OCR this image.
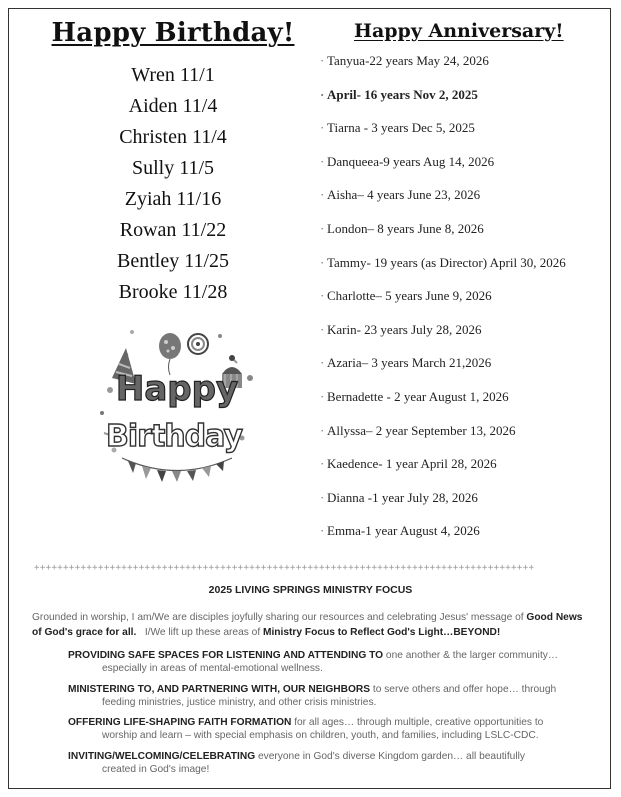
Happy Birthday!
Wren 11/1
Aiden 11/4
Christen 11/4
Sully 11/5
Zyiah 11/16
Rowan 11/22
Bentley 11/25
Brooke 11/28
Happy
Birthday
Happy Anniversary!
· Tanyua-22 years May 24, 2026
· April- 16 years Nov 2, 2025
· Tiarna - 3 years Dec 5, 2025
· Danqueea-9 years Aug 14, 2026
· Aisha– 4 years June 23, 2026
· London– 8 years June 8, 2026
· Tammy- 19 years (as Director) April 30, 2026
· Charlotte– 5 years June 9, 2026
· Karin- 23 years July 28, 2026
· Azaria– 3 years March 21,2026
· Bernadette - 2 year August 1, 2026
· Allyssa– 2 year September 13, 2026
· Kaedence- 1 year April 28, 2026
· Dianna -1 year July 28, 2026
· Emma-1 year August 4, 2026
++++++++++++++++++++++++++++++++++++++++++++++++++++++++++++++++++++++++++++++++++++++
2025 LIVING SPRINGS MINISTRY FOCUS
Grounded in worship, I am/We are disciples joyfully sharing our resources and celebrating Jesus' message of Good News of God's grace for all.   I/We lift up these areas of Ministry Focus to Reflect God's Light…BEYOND!
PROVIDING SAFE SPACES FOR LISTENING AND ATTENDING TO one another & the larger community…
especially in areas of mental-emotional wellness.
MINISTERING TO, AND PARTNERING WITH, OUR NEIGHBORS to serve others and offer hope… through
feeding ministries, justice ministry, and other crisis ministries.
OFFERING LIFE-SHAPING FAITH FORMATION for all ages… through multiple, creative opportunities to
worship and learn – with special emphasis on children, youth, and families, including LSLC-CDC.
INVITING/WELCOMING/CELEBRATING everyone in God's diverse Kingdom garden… all beautifully
created in God's image!
